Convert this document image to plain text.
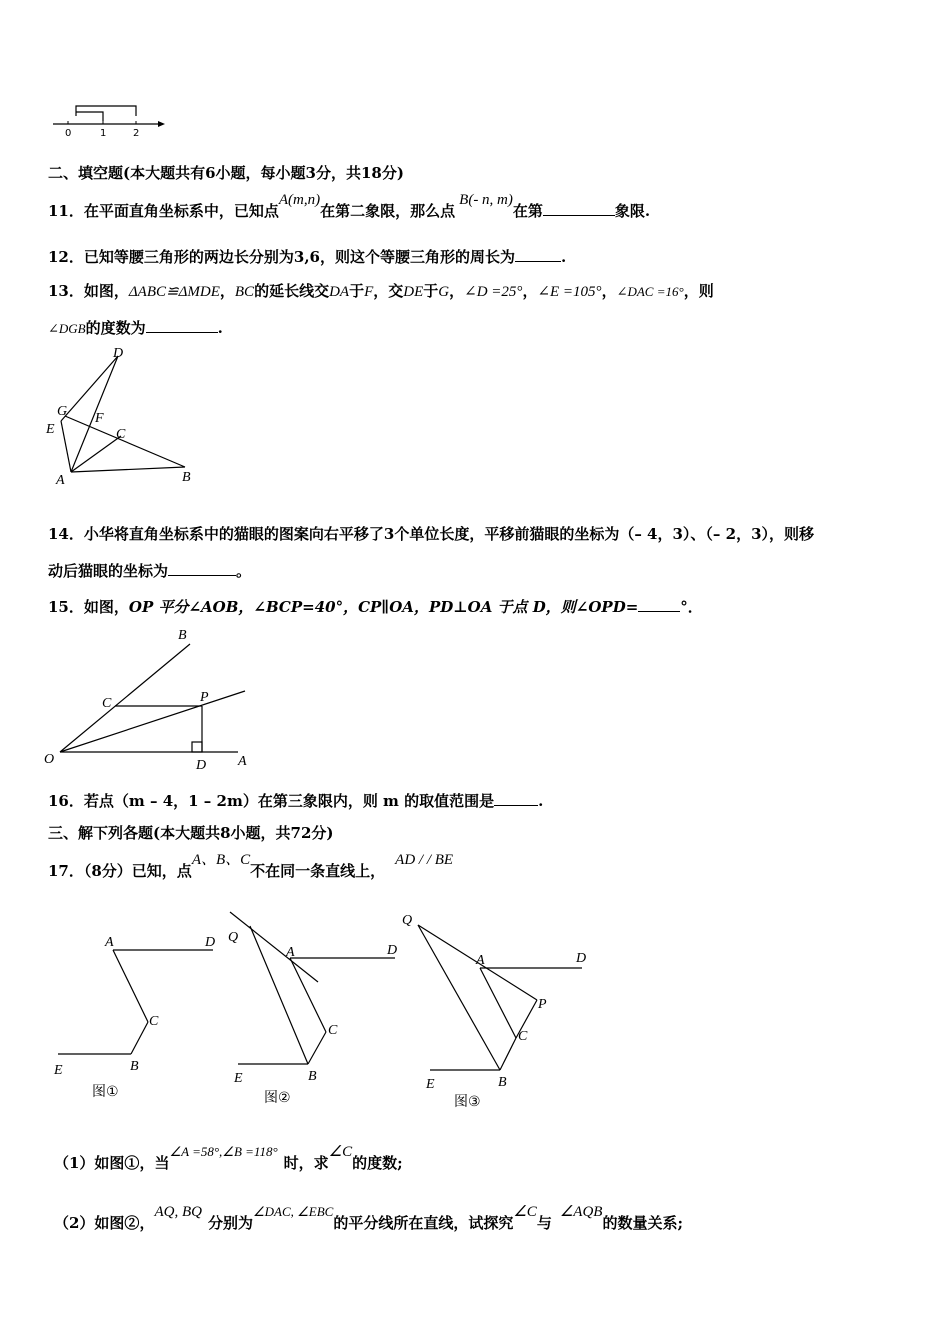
0	1	2
二、填空题(本大题共有6小题，每小题3分，共18分)
11．在平面直角坐标系中，已知点A(m,n)在第二象限，那么点B(- n, m)在第	象限.
12．已知等腰三角形的两边长分别为3,6，则这个等腰三角形的周长为	.
13．如图，ΔABC≌ΔMDE，BC的延长线交DA于F，交DE于G，∠D =25°，∠E =105°，∠DAC =16°，则
∠DGB的度数为	.
D
G F
E	C
A	B
14．小华将直角坐标系中的猫眼的图案向右平移了3个单位长度，平移前猫眼的坐标为（– 4，3）、（– 2，3），则移
动后猫眼的坐标为	。
15．如图，OP 平分∠AOB，∠BCP=40°，CP∥OA，PD⊥OA 于点 D，则∠OPD=	°．
B
C	P
O	D A
16．若点（m – 4，1 – 2m）在第三象限内，则 m 的取值范围是	.
三、解下列各题(本大题共8小题，共72分)
17．（8分）已知，点A、B、C不在同一条直线上，AD / / BE
A	D
C
E	B
图①
Q
A	D
C
E	B
图②
Q
A	D
P
C
E	B
图③
（1）如图①，当∠A =58°,∠B =118°时，求∠C的度数;
（2）如图②，AQ, BQ分别为∠DAC, ∠EBC的平分线所在直线，试探究∠C与∠AQB的数量关系;
